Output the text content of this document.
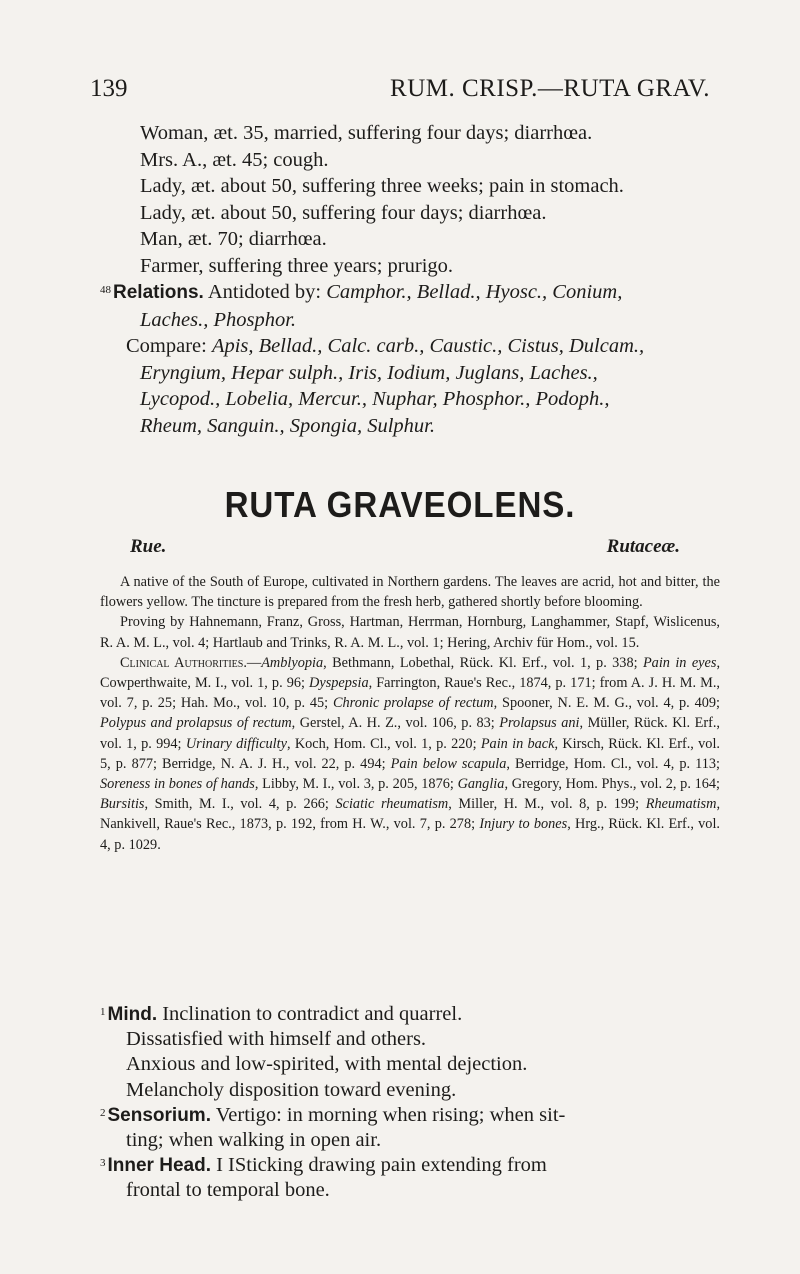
139	RUM. CRISP.—RUTA GRAV.
Woman, æt. 35, married, suffering four days; diarrhœa.
Mrs. A., æt. 45; cough.
Lady, æt. about 50, suffering three weeks; pain in stomach.
Lady, æt. about 50, suffering four days; diarrhœa.
Man, æt. 70; diarrhœa.
Farmer, suffering three years; prurigo.
$^{48}$ Relations. Antidoted by: Camphor., Bellad., Hyosc., Conium,
Laches., Phosphor.
Compare: Apis, Bellad., Calc. carb., Caustic., Cistus, Dulcam.,
Eryngium, Hepar sulph., Iris, Iodium, Juglans, Laches.,
Lycopod., Lobelia, Mercur., Nuphar, Phosphor., Podoph.,
Rheum, Sanguin., Spongia, Sulphur.
RUTA GRAVEOLENS.
Rue.	Rutaceæ.

A native of the South of Europe, cultivated in Northern gardens. The leaves are acrid, hot and bitter, the flowers yellow. The tincture is prepared from the fresh herb, gathered shortly before blooming.

Proving by Hahnemann, Franz, Gross, Hartman, Herrman, Hornburg, Langhammer, Stapf, Wislicenus, R. A. M. L., vol. 4; Hartlaub and Trinks, R. A. M. L., vol. 1; Hering, Archiv für Hom., vol. 15.

Clinical Authorities.—Amblyopia, Bethmann, Lobethal, Rück. Kl. Erf., vol. 1, p. 338; Pain in eyes, Cowperthwaite, M. I., vol. 1, p. 96; Dyspepsia, Farrington, Raue's Rec., 1874, p. 171; from A. J. H. M. M., vol. 7, p. 25; Hah. Mo., vol. 10, p. 45; Chronic prolapse of rectum, Spooner, N. E. M. G., vol. 4, p. 409; Polypus and prolapsus of rectum, Gerstel, A. H. Z., vol. 106, p. 83; Prolapsus ani, Müller, Rück. Kl. Erf., vol. 1, p. 994; Urinary difficulty, Koch, Hom. Cl., vol. 1, p. 220; Pain in back, Kirsch, Rück. Kl. Erf., vol. 5, p. 877; Berridge, N. A. J. H., vol. 22, p. 494; Pain below scapula, Berridge, Hom. Cl., vol. 4, p. 113; Soreness in bones of hands, Libby, M. I., vol. 3, p. 205, 1876; Ganglia, Gregory, Hom. Phys., vol. 2, p. 164; Bursitis, Smith, M. I., vol. 4, p. 266; Sciatic rheumatism, Miller, H. M., vol. 8, p. 199; Rheumatism, Nankivell, Raue's Rec., 1873, p. 192, from H. W., vol. 7, p. 278; Injury to bones, Hrg., Rück. Kl. Erf., vol. 4, p. 1029.

$^1$ Mind. Inclination to contradict and quarrel.
Dissatisfied with himself and others.
Anxious and low-spirited, with mental dejection.
Melancholy disposition toward evening.
$^2$ Sensorium. Vertigo: in morning when rising; when sit-
ting; when walking in open air.
$^3$ Inner Head. I ISticking drawing pain extending from
frontal to temporal bone.
